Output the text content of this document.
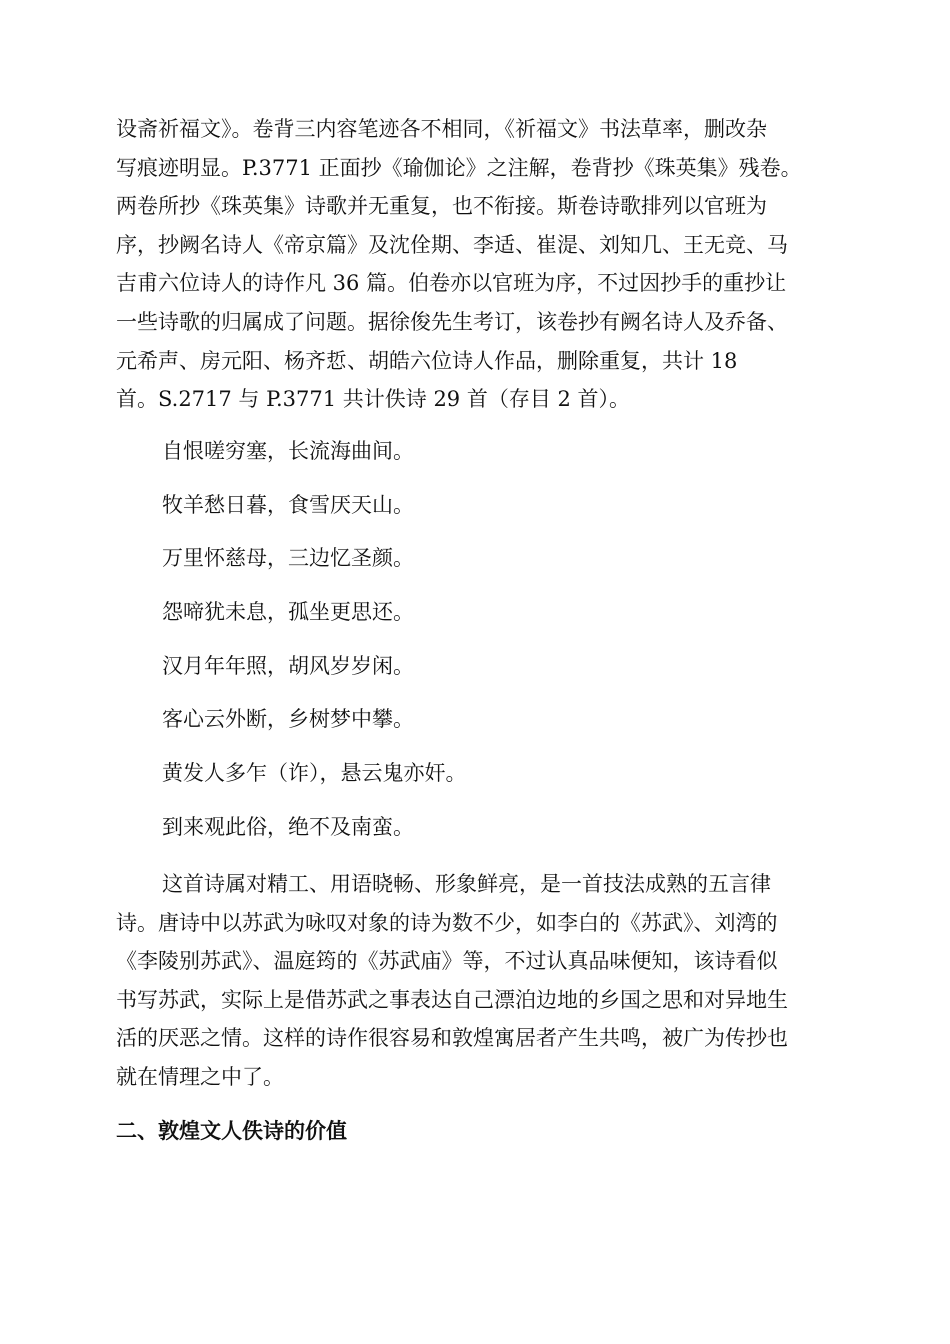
设斋祈福文》。卷背三内容笔迹各不相同，《祈福文》书法草率，删改杂
写痕迹明显。P.3771 正面抄《瑜伽论》之注解，卷背抄《珠英集》残卷。
两卷所抄《珠英集》诗歌并无重复，也不衔接。斯卷诗歌排列以官班为
序，抄阙名诗人《帝京篇》及沈佺期、李适、崔湜、刘知几、王无竞、马
吉甫六位诗人的诗作凡 36 篇。伯卷亦以官班为序，不过因抄手的重抄让
一些诗歌的归属成了问题。据徐俊先生考订，该卷抄有阙名诗人及乔备、
元希声、房元阳、杨齐悊、胡皓六位诗人作品，删除重复，共计 18
首。S.2717 与 P.3771 共计佚诗 29 首（存目 2 首）。
自恨嗟穷塞，长流海曲间。
牧羊愁日暮，食雪厌天山。
万里怀慈母，三边忆圣颜。
怨啼犹未息，孤坐更思还。
汉月年年照，胡风岁岁闲。
客心云外断，乡树梦中攀。
黄发人多乍（诈），悬云鬼亦奸。
到来观此俗，绝不及南蛮。
这首诗属对精工、用语晓畅、形象鲜亮，是一首技法成熟的五言律
诗。唐诗中以苏武为咏叹对象的诗为数不少，如李白的《苏武》、刘湾的
《李陵别苏武》、温庭筠的《苏武庙》等，不过认真品味便知，该诗看似
书写苏武，实际上是借苏武之事表达自己漂泊边地的乡国之思和对异地生
活的厌恶之情。这样的诗作很容易和敦煌寓居者产生共鸣，被广为传抄也
就在情理之中了。
二、敦煌文人佚诗的价值
